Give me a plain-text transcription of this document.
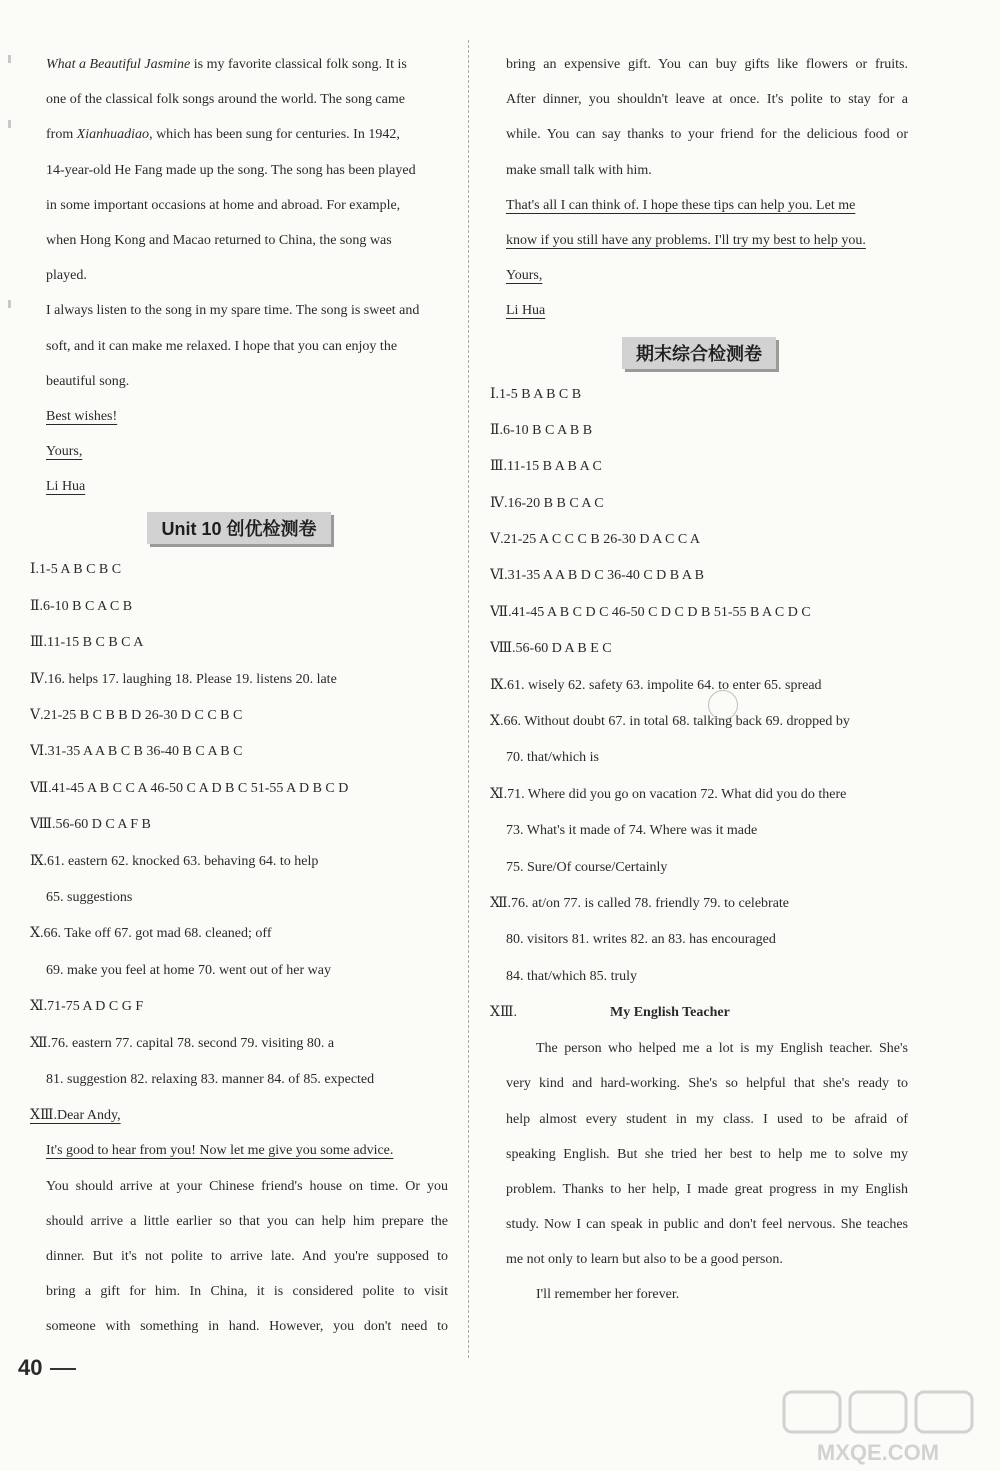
What a Beautiful Jasmine is my favorite classical folk song. It is
one of the classical folk songs around the world. The song came
from Xianhuadiao, which has been sung for centuries. In 1942,
14-year-old He Fang made up the song. The song has been played
in some important occasions at home and abroad. For example,
when Hong Kong and Macao returned to China, the song was
played.
I always listen to the song in my spare time. The song is sweet and
soft, and it can make me relaxed. I hope that you can enjoy the
beautiful song.
Best wishes!
Yours,
Li Hua
Unit 10 创优检测卷
Ⅰ.1-5 A B C B C
Ⅱ.6-10 B C A C B
Ⅲ.11-15 B C B C A
Ⅳ.16. helps 17. laughing 18. Please 19. listens 20. late
Ⅴ.21-25 B C B B D 26-30 D C C B C
Ⅵ.31-35 A A B C B 36-40 B C A B C
Ⅶ.41-45 A B C C A 46-50 C A D B C 51-55 A D B C D
Ⅷ.56-60 D C A F B
Ⅸ.61. eastern 62. knocked 63. behaving 64. to help
65. suggestions
Ⅹ.66. Take off 67. got mad 68. cleaned; off
69. make you feel at home 70. went out of her way
Ⅺ.71-75 A D C G F
Ⅻ.76. eastern 77. capital 78. second 79. visiting 80. a
81. suggestion 82. relaxing 83. manner 84. of 85. expected
ⅩⅢ.Dear Andy,
It's good to hear from you! Now let me give you some advice.
You should arrive at your Chinese friend's house on time. Or you
should arrive a little earlier so that you can help him prepare the
dinner. But it's not polite to arrive late. And you're supposed to
bring a gift for him. In China, it is considered polite to visit
someone with something in hand. However, you don't need to
bring an expensive gift. You can buy gifts like flowers or fruits.
After dinner, you shouldn't leave at once. It's polite to stay for a
while. You can say thanks to your friend for the delicious food or
make small talk with him.
That's all I can think of. I hope these tips can help you. Let me
know if you still have any problems. I'll try my best to help you.
Yours,
Li Hua
期末综合检测卷
Ⅰ.1-5 B A B C B
Ⅱ.6-10 B C A B B
Ⅲ.11-15 B A B A C
Ⅳ.16-20 B B C A C
Ⅴ.21-25 A C C C B 26-30 D A C C A
Ⅵ.31-35 A A B D C 36-40 C D B A B
Ⅶ.41-45 A B C D C 46-50 C D C D B 51-55 B A C D C
Ⅷ.56-60 D A B E C
Ⅸ.61. wisely 62. safety 63. impolite 64. to enter 65. spread
Ⅹ.66. Without doubt 67. in total 68. talking back 69. dropped by
70. that/which is
Ⅺ.71. Where did you go on vacation 72. What did you do there
73. What's it made of 74. Where was it made
75. Sure/Of course/Certainly
Ⅻ.76. at/on 77. is called 78. friendly 79. to celebrate
80. visitors 81. writes 82. an 83. has encouraged
84. that/which 85. truly
ⅩⅢ.	My English Teacher
The person who helped me a lot is my English teacher. She's
very kind and hard-working. She's so helpful that she's ready to
help almost every student in my class. I used to be afraid of
speaking English. But she tried her best to help me to solve my
problem. Thanks to her help, I made great progress in my English
study. Now I can speak in public and don't feel nervous. She teaches
me not only to learn but also to be a good person.
I'll remember her forever.
40
MXQE.COM
